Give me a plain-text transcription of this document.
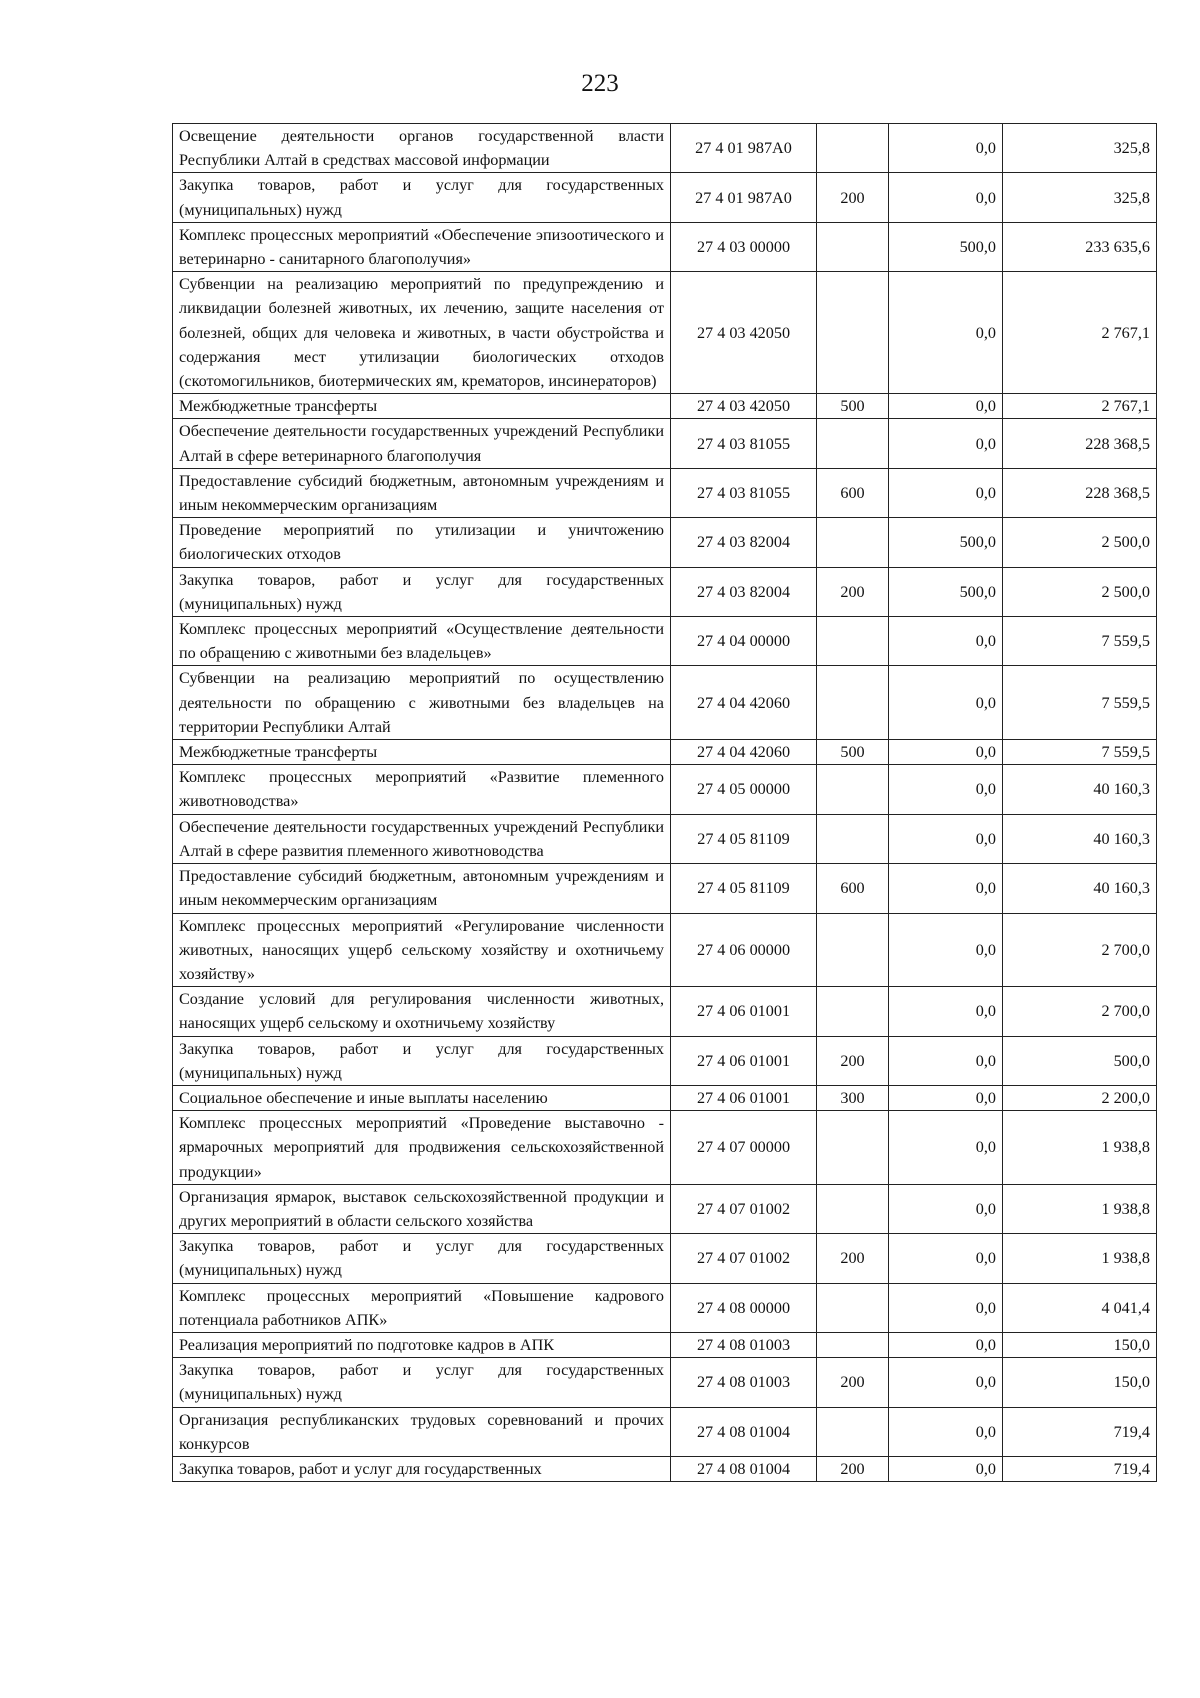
223
Освещение деятельности органов государственной власти Республики Алтай в средствах массовой информации	27 4 01 987А0		0,0	325,8
Закупка товаров, работ и услуг для государственных (муниципальных) нужд	27 4 01 987А0	200	0,0	325,8
Комплекс процессных мероприятий «Обеспечение эпизоотического и ветеринарно - санитарного благополучия»	27 4 03 00000		500,0	233 635,6
Субвенции на реализацию мероприятий по предупреждению и ликвидации болезней животных, их лечению, защите населения от болезней, общих для человека и животных, в части обустройства и содержания мест утилизации биологических отходов (скотомогильников, биотермических ям, крематоров, инсинераторов)	27 4 03 42050		0,0	2 767,1
Межбюджетные трансферты	27 4 03 42050	500	0,0	2 767,1
Обеспечение деятельности государственных учреждений Республики Алтай в сфере ветеринарного благополучия	27 4 03 81055		0,0	228 368,5
Предоставление субсидий бюджетным, автономным учреждениям и иным некоммерческим организациям	27 4 03 81055	600	0,0	228 368,5
Проведение мероприятий по утилизации и уничтожению биологических отходов	27 4 03 82004		500,0	2 500,0
Закупка товаров, работ и услуг для государственных (муниципальных) нужд	27 4 03 82004	200	500,0	2 500,0
Комплекс процессных мероприятий «Осуществление деятельности по обращению с животными без владельцев»	27 4 04 00000		0,0	7 559,5
Субвенции на реализацию мероприятий по осуществлению деятельности по обращению с животными без владельцев на территории Республики Алтай	27 4 04 42060		0,0	7 559,5
Межбюджетные трансферты	27 4 04 42060	500	0,0	7 559,5
Комплекс процессных мероприятий «Развитие племенного животноводства»	27 4 05 00000		0,0	40 160,3
Обеспечение деятельности государственных учреждений Республики Алтай в сфере развития племенного животноводства	27 4 05 81109		0,0	40 160,3
Предоставление субсидий бюджетным, автономным учреждениям и иным некоммерческим организациям	27 4 05 81109	600	0,0	40 160,3
Комплекс процессных мероприятий «Регулирование численности животных, наносящих ущерб сельскому хозяйству и охотничьему хозяйству»	27 4 06 00000		0,0	2 700,0
Создание условий для регулирования численности животных, наносящих ущерб сельскому и охотничьему хозяйству	27 4 06 01001		0,0	2 700,0
Закупка товаров, работ и услуг для государственных (муниципальных) нужд	27 4 06 01001	200	0,0	500,0
Социальное обеспечение и иные выплаты населению	27 4 06 01001	300	0,0	2 200,0
Комплекс процессных мероприятий «Проведение выставочно - ярмарочных мероприятий для продвижения сельскохозяйственной продукции»	27 4 07 00000		0,0	1 938,8
Организация ярмарок, выставок сельскохозяйственной продукции и других мероприятий в области сельского хозяйства	27 4 07 01002		0,0	1 938,8
Закупка товаров, работ и услуг для государственных (муниципальных) нужд	27 4 07 01002	200	0,0	1 938,8
Комплекс процессных мероприятий «Повышение кадрового потенциала работников АПК»	27 4 08 00000		0,0	4 041,4
Реализация мероприятий по подготовке кадров в АПК	27 4 08 01003		0,0	150,0
Закупка товаров, работ и услуг для государственных (муниципальных) нужд	27 4 08 01003	200	0,0	150,0
Организация республиканских трудовых соревнований и прочих конкурсов	27 4 08 01004		0,0	719,4
Закупка товаров, работ и услуг для государственных	27 4 08 01004	200	0,0	719,4
